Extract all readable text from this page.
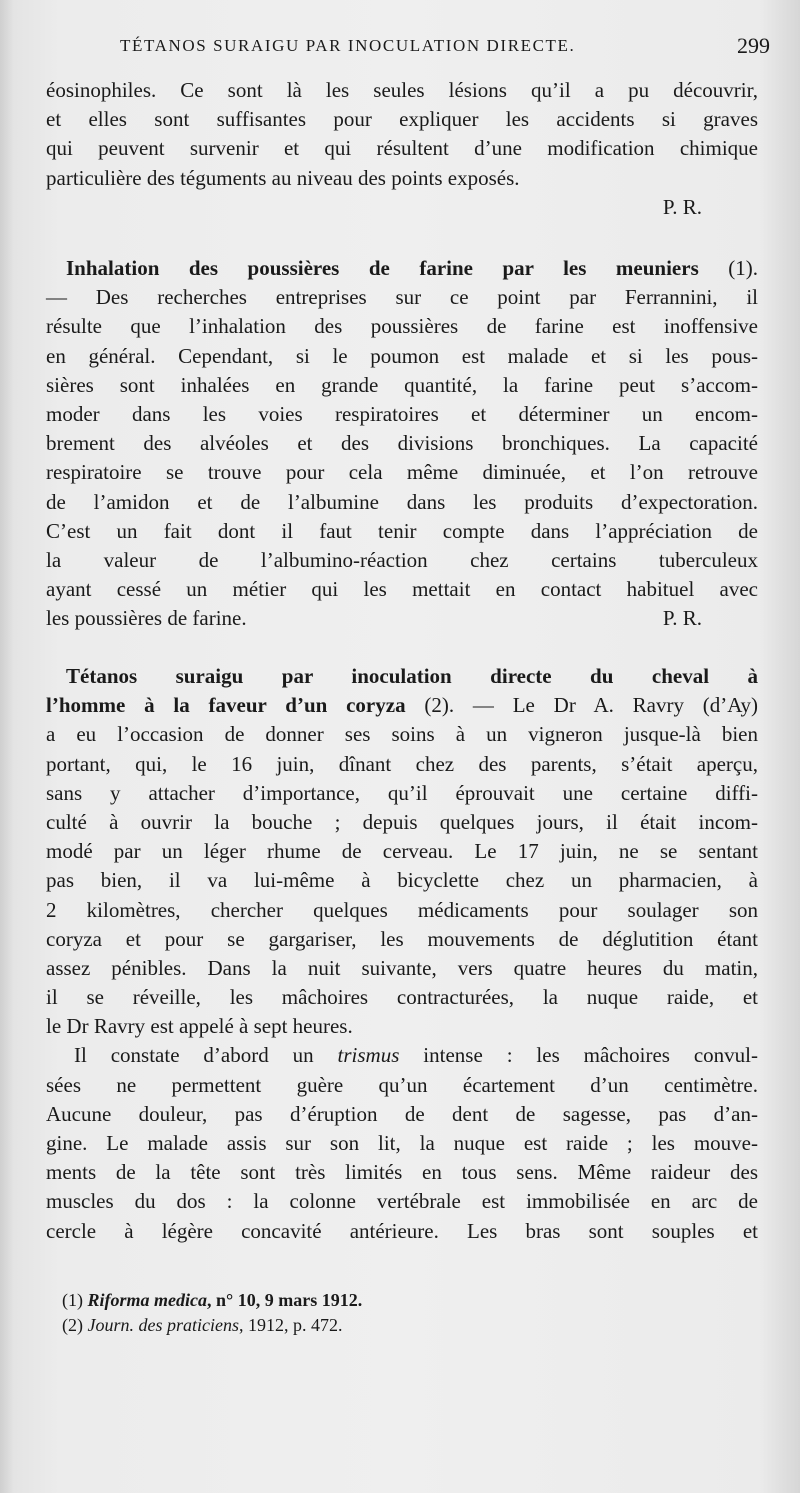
TÉTANOS SURAIGU PAR INOCULATION DIRECTE.	299
éosinophiles. Ce sont là les seules lésions qu’il a pu découvrir,
et elles sont suffisantes pour expliquer les accidents si graves
qui peuvent survenir et qui résultent d’une modification chimique
particulière des téguments au niveau des points exposés.
P. R.
Inhalation des poussières de farine par les meuniers (1).
— Des recherches entreprises sur ce point par Ferrannini, il
résulte que l’inhalation des poussières de farine est inoffensive
en général. Cependant, si le poumon est malade et si les pous-
sières sont inhalées en grande quantité, la farine peut s’accom-
moder dans les voies respiratoires et déterminer un encom-
brement des alvéoles et des divisions bronchiques. La capacité
respiratoire se trouve pour cela même diminuée, et l’on retrouve
de l’amidon et de l’albumine dans les produits d’expectoration.
C’est un fait dont il faut tenir compte dans l’appréciation de
la valeur de l’albumino-réaction chez certains tuberculeux
ayant cessé un métier qui les mettait en contact habituel avec
les poussières de farine.	P. R.
Tétanos suraigu par inoculation directe du cheval à
l’homme à la faveur d’un coryza (2). — Le Dr A. Ravry (d’Ay)
a eu l’occasion de donner ses soins à un vigneron jusque-là bien
portant, qui, le 16 juin, dînant chez des parents, s’était aperçu,
sans y attacher d’importance, qu’il éprouvait une certaine diffi-
culté à ouvrir la bouche ; depuis quelques jours, il était incom-
modé par un léger rhume de cerveau. Le 17 juin, ne se sentant
pas bien, il va lui-même à bicyclette chez un pharmacien, à
2 kilomètres, chercher quelques médicaments pour soulager son
coryza et pour se gargariser, les mouvements de déglutition étant
assez pénibles. Dans la nuit suivante, vers quatre heures du matin,
il se réveille, les mâchoires contracturées, la nuque raide, et
le Dr Ravry est appelé à sept heures.
Il constate d’abord un trismus intense : les mâchoires convul-
sées ne permettent guère qu’un écartement d’un centimètre.
Aucune douleur, pas d’éruption de dent de sagesse, pas d’an-
gine. Le malade assis sur son lit, la nuque est raide ; les mouve-
ments de la tête sont très limités en tous sens. Même raideur des
muscles du dos : la colonne vertébrale est immobilisée en arc de
cercle à légère concavité antérieure. Les bras sont souples et
(1) Riforma medica, n° 10, 9 mars 1912.
(2) Journ. des praticiens, 1912, p. 472.
